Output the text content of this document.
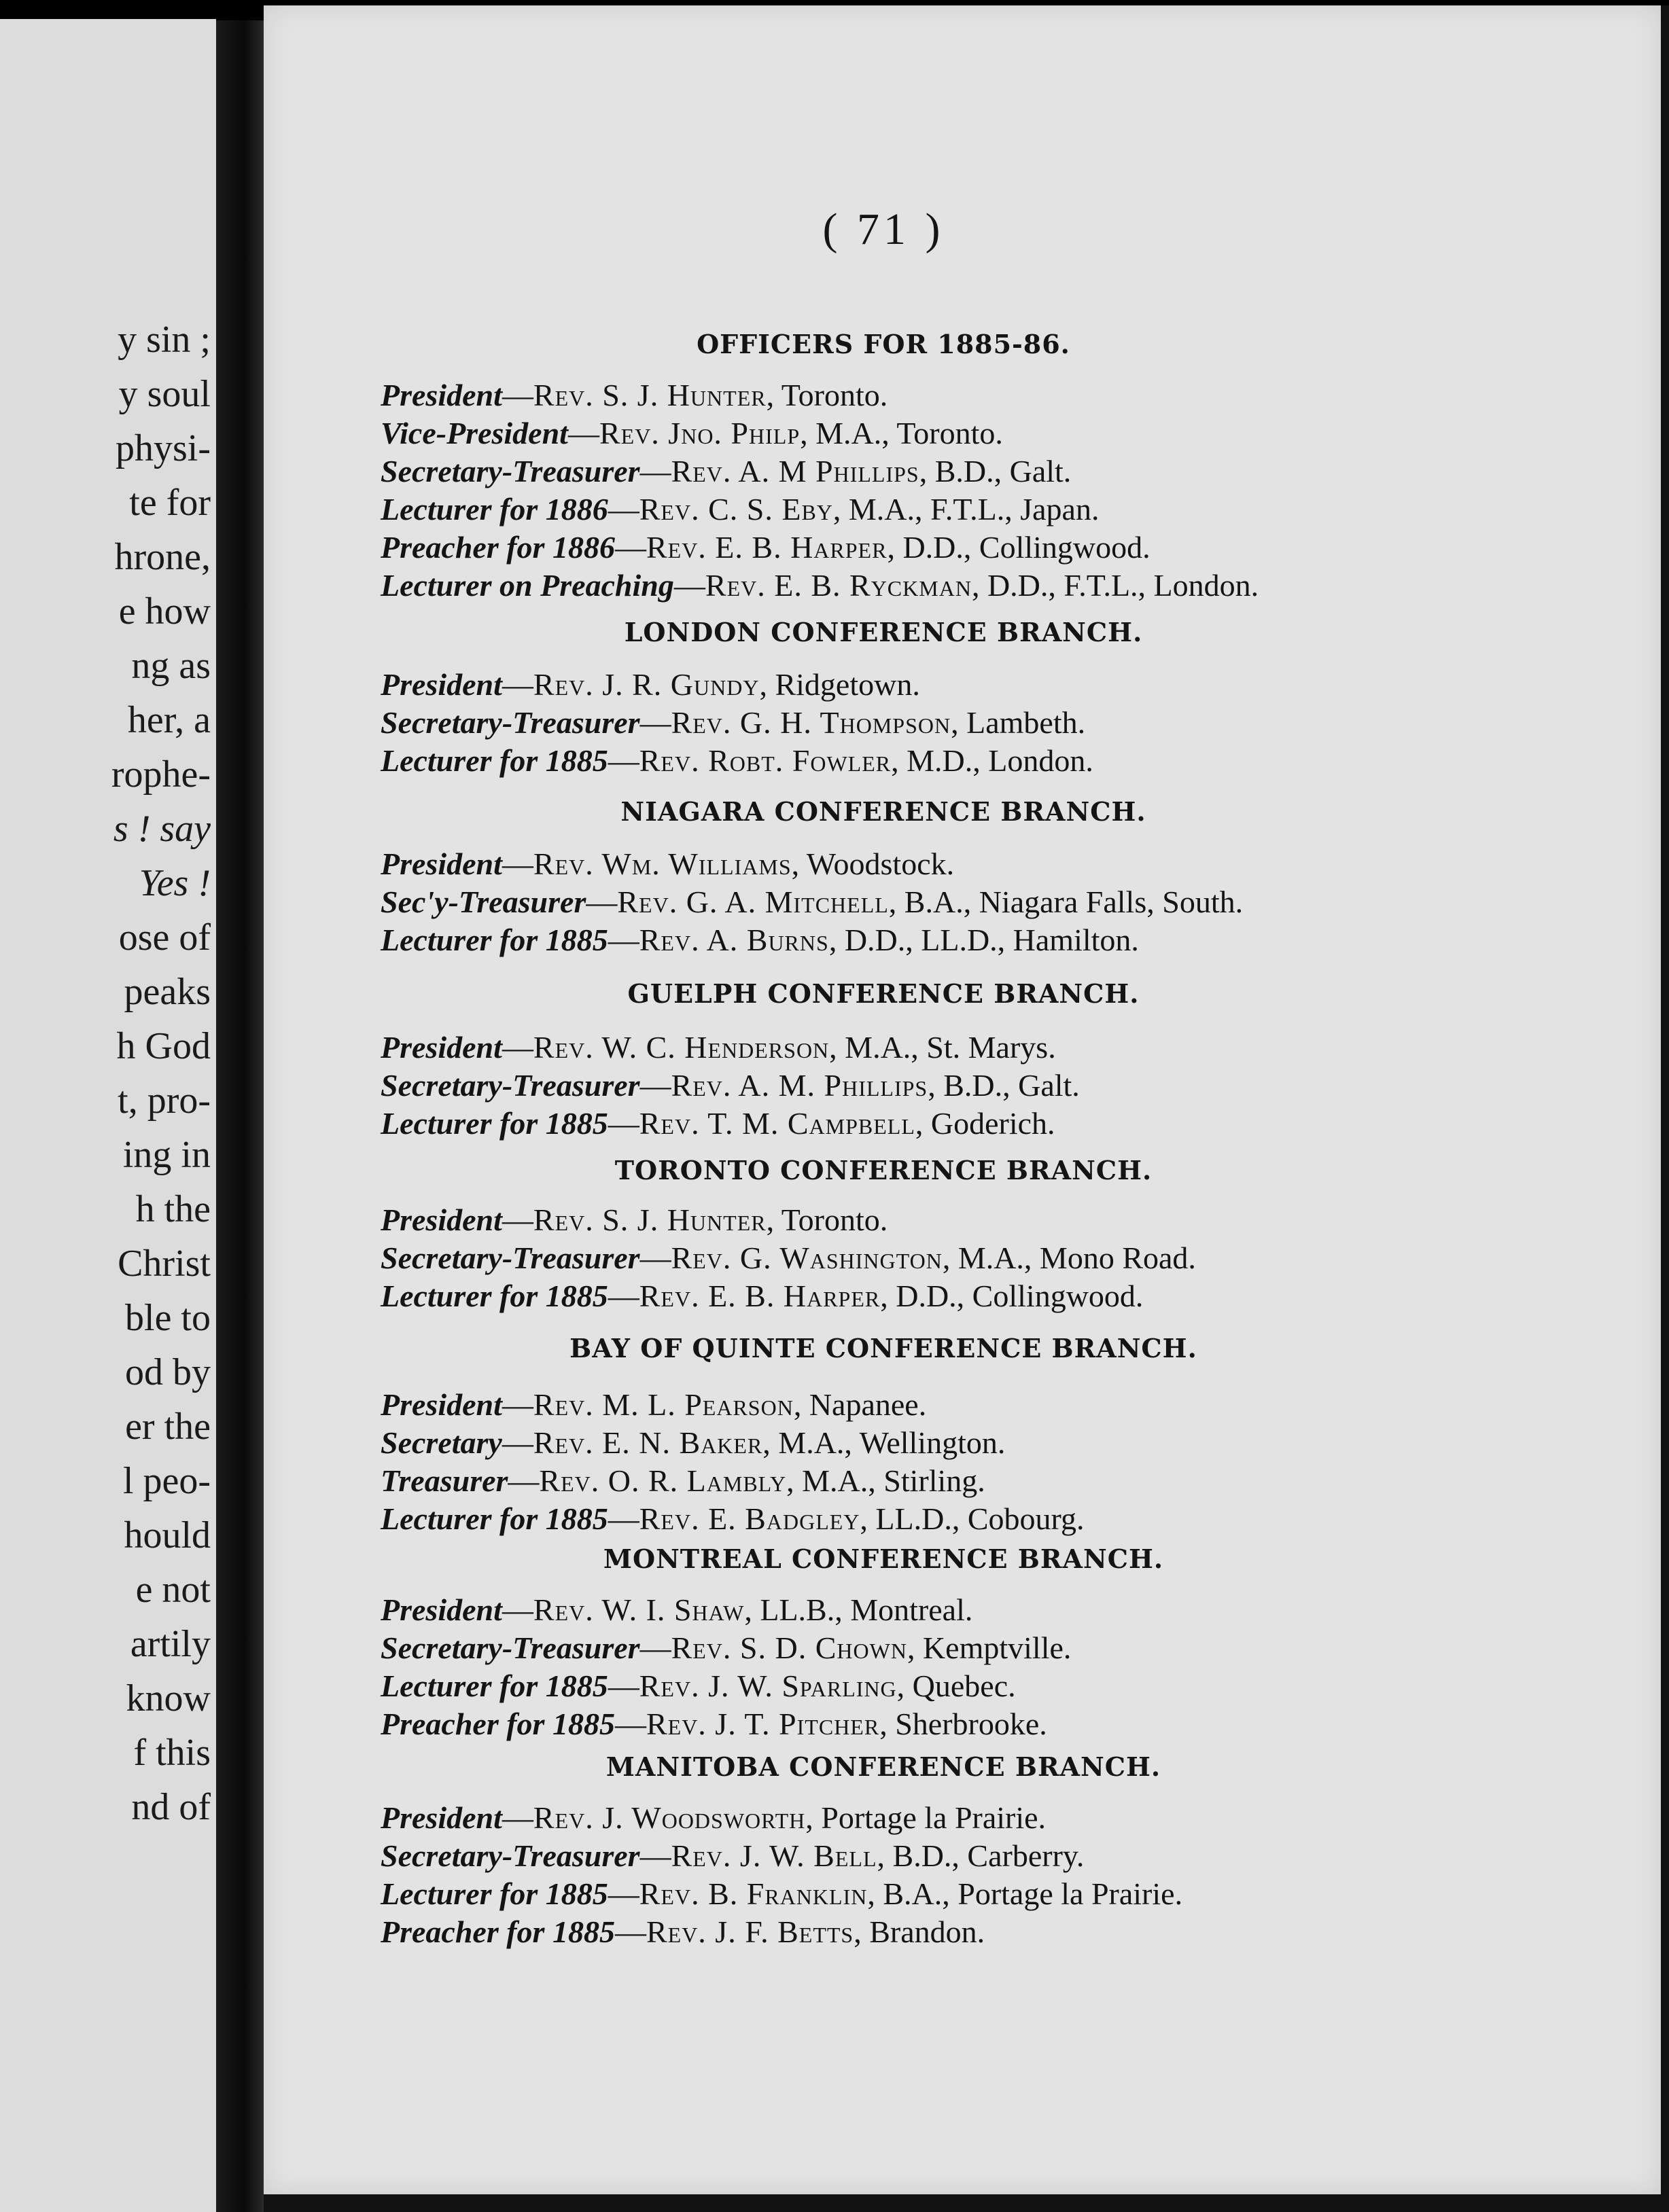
y sin ;
y soul
physi-
te for
hrone,
e how
ng as
her, a
rophe-
s ! say
Yes !
ose of
peaks
h God
t, pro-
ing in
h the
Christ
ble to
od by
er the
l peo-
hould
e not
artily
know
f this
nd of
( 71 )
OFFICERS FOR 1885-86.
President—Rev. S. J. Hunter, Toronto.
Vice-President—Rev. Jno. Philp, M.A., Toronto.
Secretary-Treasurer—Rev. A. M Phillips, B.D., Galt.
Lecturer for 1886—Rev. C. S. Eby, M.A., F.T.L., Japan.
Preacher for 1886—Rev. E. B. Harper, D.D., Collingwood.
Lecturer on Preaching—Rev. E. B. Ryckman, D.D., F.T.L., London.
LONDON CONFERENCE BRANCH.
President—Rev. J. R. Gundy, Ridgetown.
Secretary-Treasurer—Rev. G. H. Thompson, Lambeth.
Lecturer for 1885—Rev. Robt. Fowler, M.D., London.
NIAGARA CONFERENCE BRANCH.
President—Rev. Wm. Williams, Woodstock.
Sec'y-Treasurer—Rev. G. A. Mitchell, B.A., Niagara Falls, South.
Lecturer for 1885—Rev. A. Burns, D.D., LL.D., Hamilton.
GUELPH CONFERENCE BRANCH.
President—Rev. W. C. Henderson, M.A., St. Marys.
Secretary-Treasurer—Rev. A. M. Phillips, B.D., Galt.
Lecturer for 1885—Rev. T. M. Campbell, Goderich.
TORONTO CONFERENCE BRANCH.
President—Rev. S. J. Hunter, Toronto.
Secretary-Treasurer—Rev. G. Washington, M.A., Mono Road.
Lecturer for 1885—Rev. E. B. Harper, D.D., Collingwood.
BAY OF QUINTE CONFERENCE BRANCH.
President—Rev. M. L. Pearson, Napanee.
Secretary—Rev. E. N. Baker, M.A., Wellington.
Treasurer—Rev. O. R. Lambly, M.A., Stirling.
Lecturer for 1885—Rev. E. Badgley, LL.D., Cobourg.
MONTREAL CONFERENCE BRANCH.
President—Rev. W. I. Shaw, LL.B., Montreal.
Secretary-Treasurer—Rev. S. D. Chown, Kemptville.
Lecturer for 1885—Rev. J. W. Sparling, Quebec.
Preacher for 1885—Rev. J. T. Pitcher, Sherbrooke.
MANITOBA CONFERENCE BRANCH.
President—Rev. J. Woodsworth, Portage la Prairie.
Secretary-Treasurer—Rev. J. W. Bell, B.D., Carberry.
Lecturer for 1885—Rev. B. Franklin, B.A., Portage la Prairie.
Preacher for 1885—Rev. J. F. Betts, Brandon.
